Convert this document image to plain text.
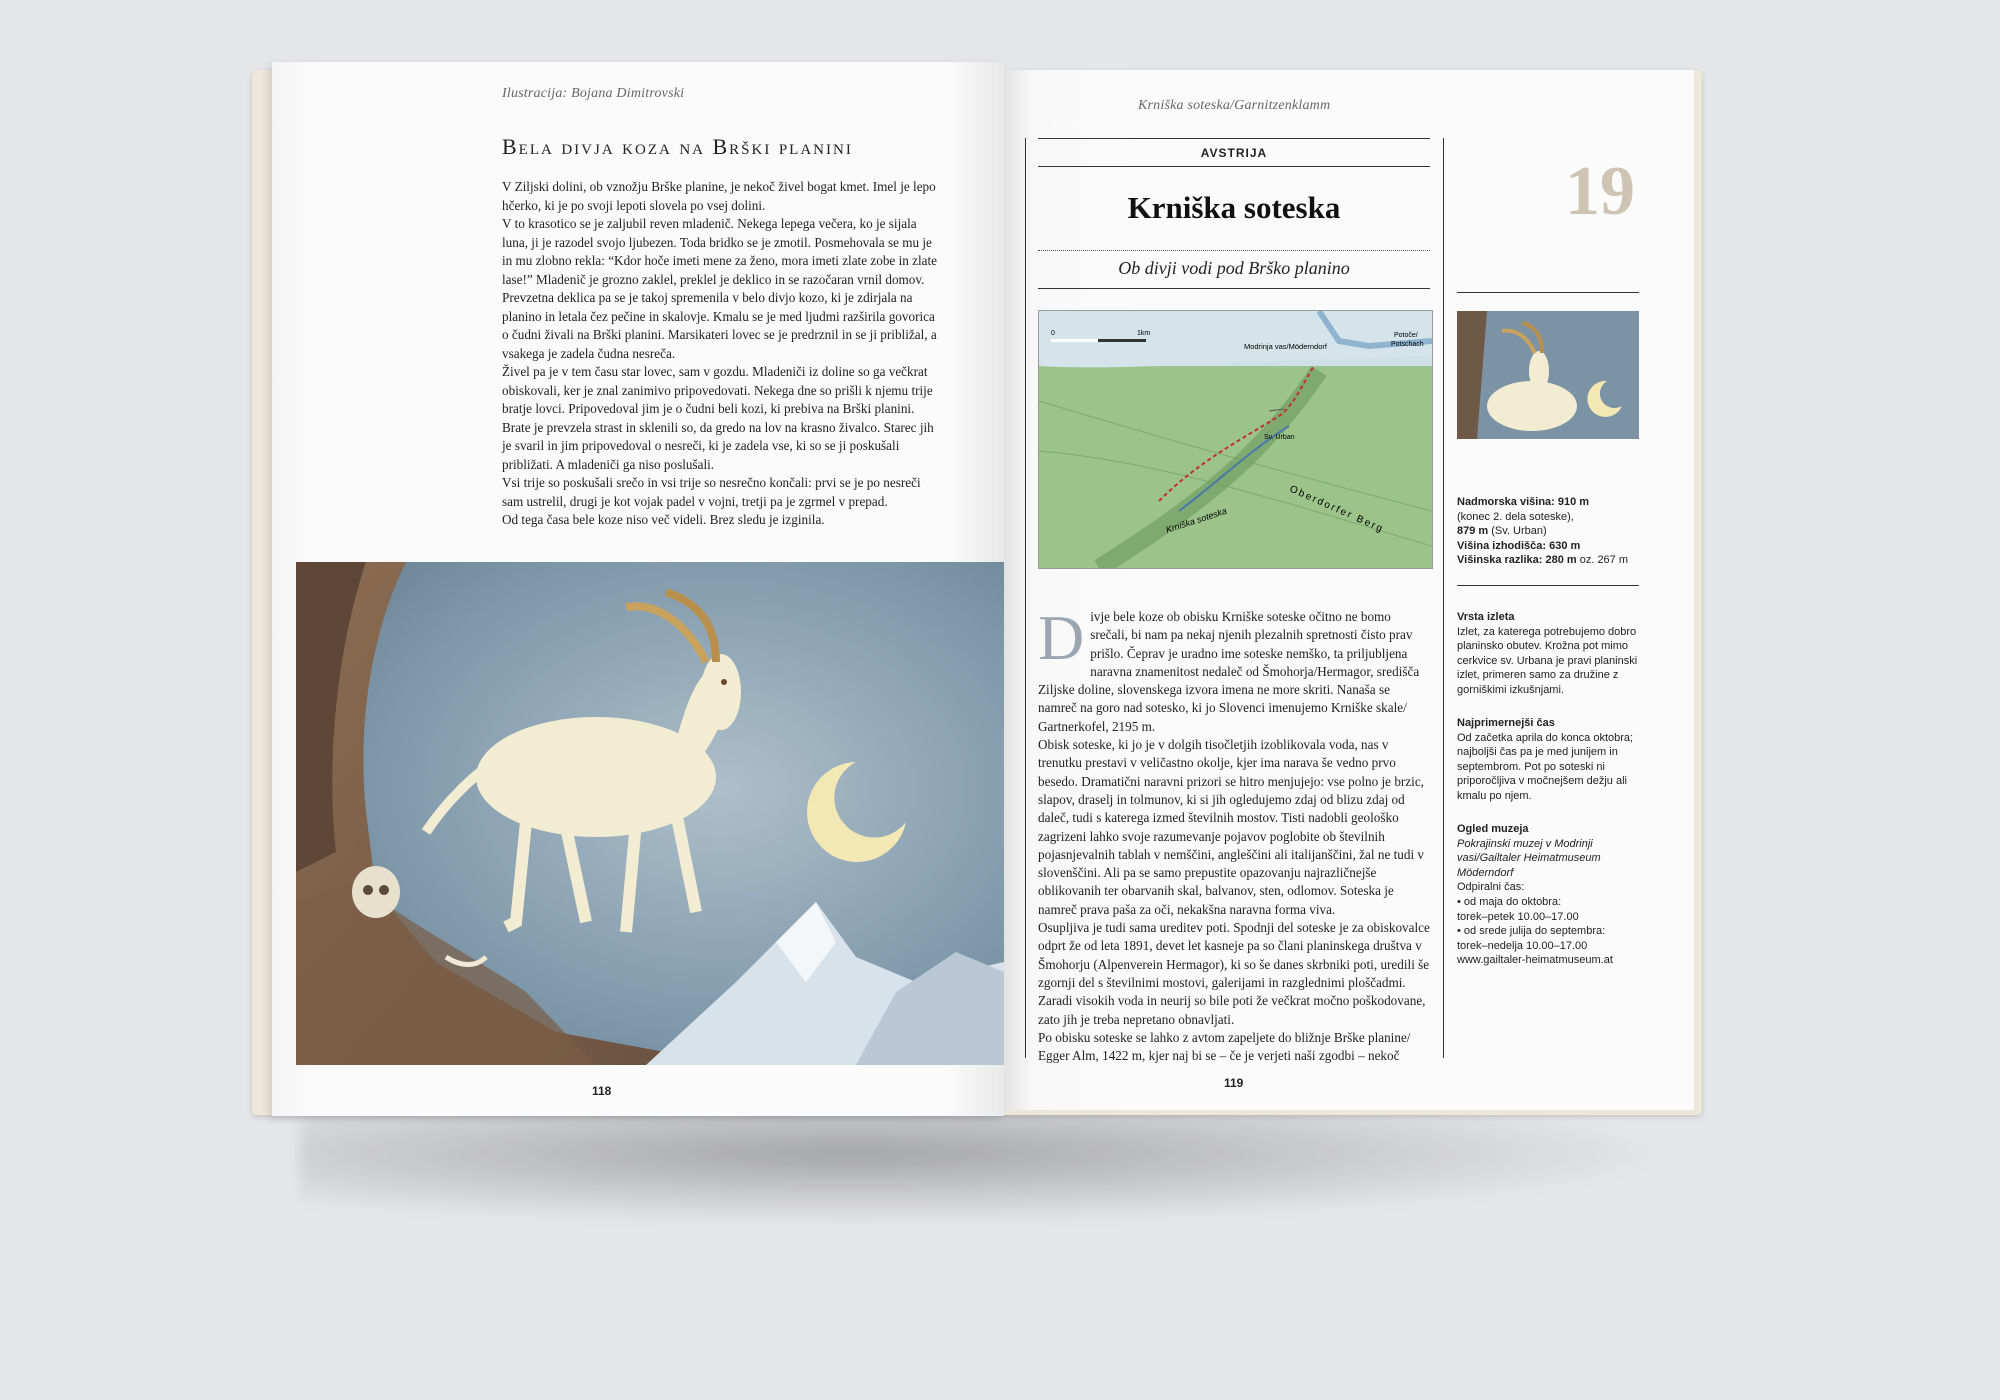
Ilustracija: Bojana Dimitrovski
Bela divja koza na Brški planini

V Ziljski dolini, ob vznožju Brške planine, je nekoč živel bogat kmet. Imel je lepo hčerko, ki je po svoji lepoti slovela po vsej dolini.

V to krasotico se je zaljubil reven mladenič. Nekega lepega večera, ko je sijala luna, ji je razodel svojo ljubezen. Toda bridko se je zmotil. Posmehovala se mu je in mu zlobno rekla: “Kdor hoče imeti mene za ženo, mora imeti zlate zobe in zlate lase!” Mladenič je grozno zaklel, preklel je deklico in se razočaran vrnil domov.

Prevzetna deklica pa se je takoj spremenila v belo divjo kozo, ki je zdirjala na planino in letala čez pečine in skalovje. Kmalu se je med ljudmi razširila govorica o čudni živali na Brški planini. Marsikateri lovec se je predrznil in se ji približal, a vsakega je zadela čudna nesreča.

Živel pa je v tem času star lovec, sam v gozdu. Mladeniči iz doline so ga večkrat obiskovali, ker je znal zanimivo pripovedovati. Nekega dne so prišli k njemu trije bratje lovci. Pripovedoval jim je o čudni beli kozi, ki prebiva na Brški planini. Brate je prevzela strast in sklenili so, da gredo na lov na krasno živalco. Starec jih je svaril in jim pripovedoval o nesreči, ki je zadela vse, ki so se ji poskušali približati. A mladeniči ga niso poslušali.

Vsi trije so poskušali srečo in vsi trije so nesrečno končali: prvi se je po nesreči sam ustrelil, drugi je kot vojak padel v vojni, tretji pa je zgrmel v prepad.

Od tega časa bele koze niso več videli. Brez sledu je izginila.

118
Krniška soteska/Garnitzenklamm
AVSTRIJA
Krniška soteska
Ob divji vodi pod Brško planino
19
0	1km
Modrinja vas/Möderndorf
Potoče/
Potschach
Sv. Urban
Krniška soteska	Oberdorfer Berg
D ivje bele koze ob obisku Krniške soteske očitno ne bomo srečali, bi nam pa nekaj njenih plezalnih spretnosti čisto prav prišlo. Čeprav je uradno ime soteske nemško, ta priljubljena naravna znamenitost nedaleč od Šmohorja/Hermagor, središča Ziljske doline, slovenskega izvora imena ne more skriti. Nanaša se namreč na goro nad sotesko, ki jo Slovenci imenujemo Krniške skale/ Gartnerkofel, 2195 m.

Obisk soteske, ki jo je v dolgih tisočletjih izoblikovala voda, nas v trenutku prestavi v veličastno okolje, kjer ima narava še vedno prvo besedo. Dramatični naravni prizori se hitro menjujejo: vse polno je brzic, slapov, draselj in tolmunov, ki si jih ogledujemo zdaj od blizu zdaj od daleč, tudi s katerega izmed številnih mostov. Tisti nadobli geološko zagrizeni lahko svoje razumevanje pojavov poglobite ob številnih pojasnjevalnih tablah v nemščini, angleščini ali italijanščini, žal ne tudi v slovenščini. Ali pa se samo prepustite opazovanju najrazličnejše oblikovanih ter obarvanih skal, balvanov, sten, odlomov. Soteska je namreč prava paša za oči, nekakšna naravna forma viva.

Osupljiva je tudi sama ureditev poti. Spodnji del soteske je za obiskovalce odprt že od leta 1891, devet let kasneje pa so člani planinskega društva v Šmohorju (Alpenverein Hermagor), ki so še danes skrbniki poti, uredili še zgornji del s številnimi mostovi, galerijami in razglednimi ploščadmi. Zaradi visokih voda in neurij so bile poti že večkrat močno poškodovane, zato jih je treba nepretano obnavljati.

Po obisku soteske se lahko z avtom zapeljete do bližnje Brške planine/ Egger Alm, 1422 m, kjer naj bi se – če je verjeti naši zgodbi – nekoč

Nadmorska višina: 910 m
(konec 2. dela soteske),
879 m (Sv. Urban)
Višina izhodišča: 630 m
Višinska razlika: 280 m oz. 267 m
Vrsta izleta
Izlet, za katerega potrebujemo dobro planinsko obutev. Krožna pot mimo cerkvice sv. Urbana je pravi planinski izlet, primeren samo za družine z gorniškimi izkušnjami.
Najprimernejši čas
Od začetka aprila do konca oktobra; najboljši čas pa je med junijem in septembrom. Pot po soteski ni priporočljiva v močnejšem dežju ali kmalu po njem.
Ogled muzeja
Pokrajinski muzej v Modrinji vasi/Gailtaler Heimatmuseum Möderndorf
Odpiralni čas:
• od maja do oktobra:
torek–petek 10.00–17.00
• od srede julija do septembra:
torek–nedelja 10.00–17.00
www.gailtaler-heimatmuseum.at
119
